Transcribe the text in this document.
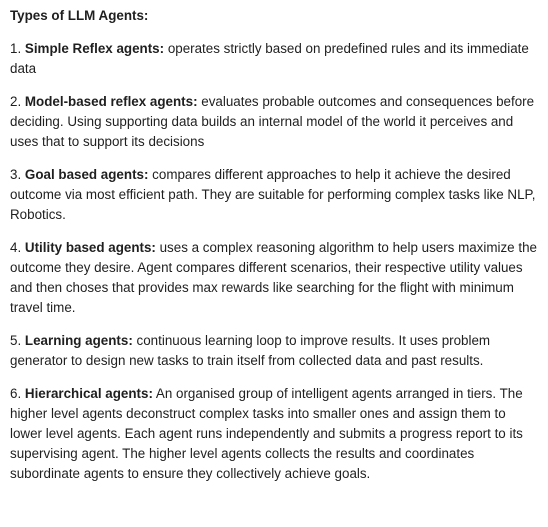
Types of LLM Agents:
1. Simple Reflex agents: operates strictly based on predefined rules and its immediate data
2. Model-based reflex agents: evaluates probable outcomes and consequences before deciding. Using supporting data builds an internal model of the world it perceives and uses that to support its decisions
3. Goal based agents: compares different approaches to help it achieve the desired outcome via most efficient path. They are suitable for performing complex tasks like NLP, Robotics.
4. Utility based agents: uses a complex reasoning algorithm to help users maximize the outcome they desire. Agent compares different scenarios, their respective utility values and then choses that provides max rewards like searching for the flight with minimum travel time.
5. Learning agents: continuous learning loop to improve results. It uses problem generator to design new tasks to train itself from collected data and past results.
6. Hierarchical agents: An organised group of intelligent agents arranged in tiers. The higher level agents deconstruct complex tasks into smaller ones and assign them to lower level agents. Each agent runs independently and submits a progress report to its supervising agent. The higher level agents collects the results and coordinates subordinate agents to ensure they collectively achieve goals.
